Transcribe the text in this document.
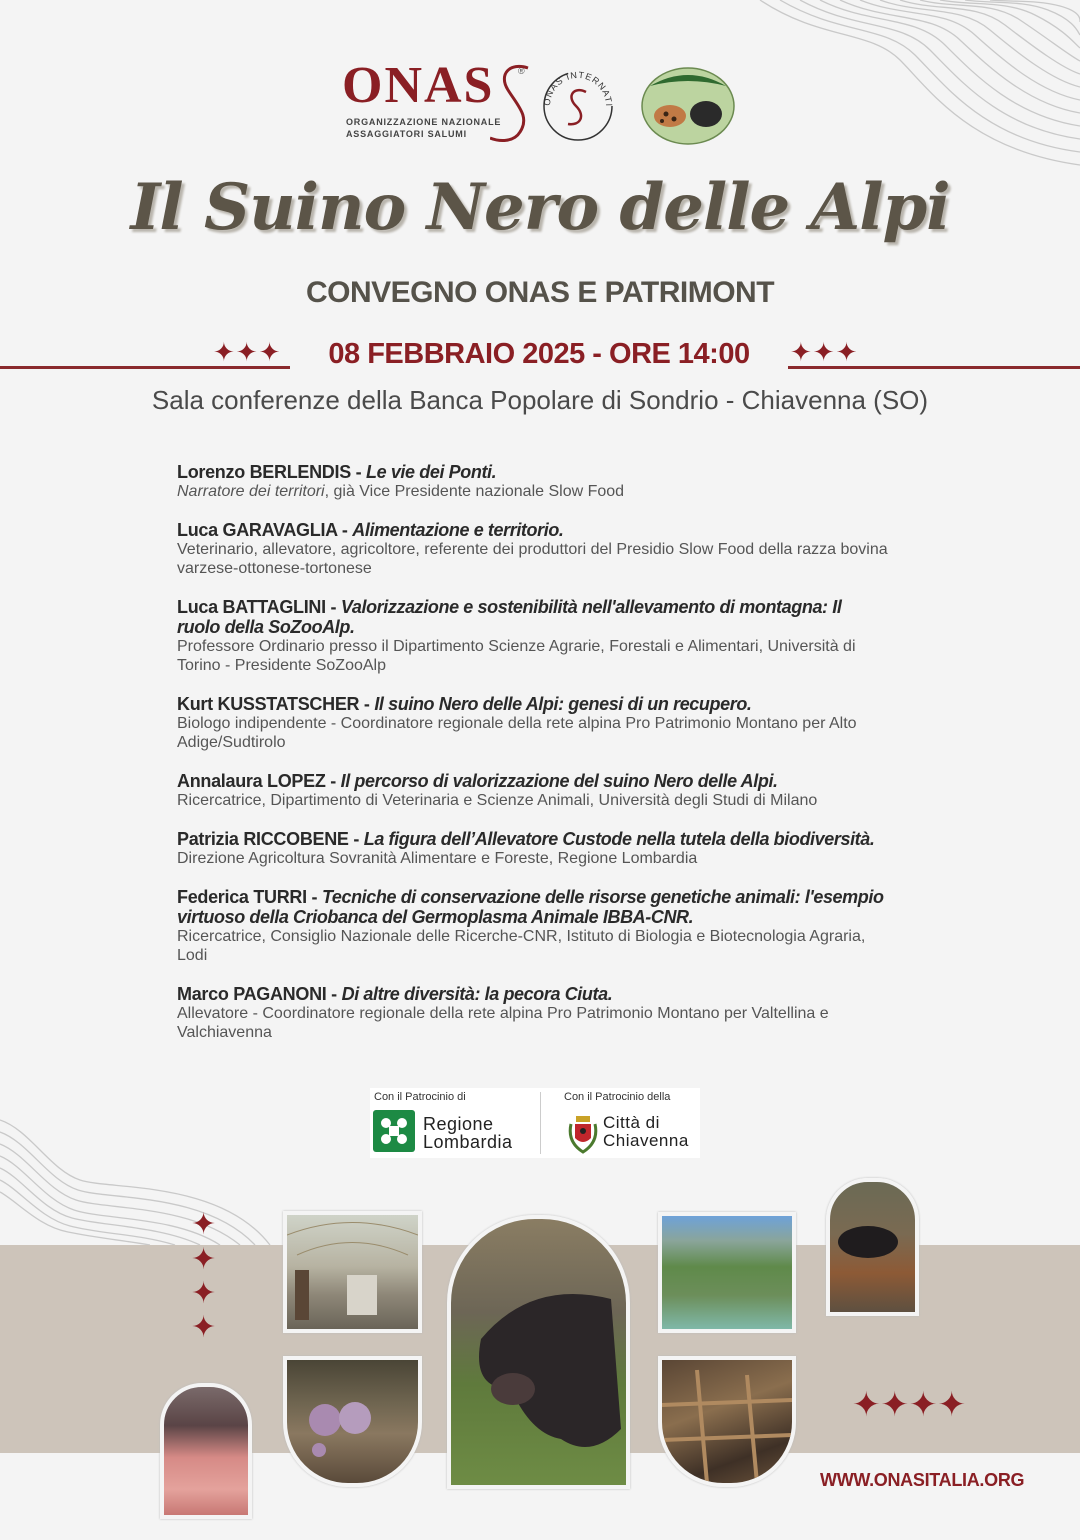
ONAS	®
ORGANIZZAZIONE NAZIONALE
ASSAGGIATORI SALUMI
ONAS INTERNATI
Il Suino Nero delle Alpi
CONVEGNO ONAS E PATRIMONT
✦✦✦	08 FEBBRAIO 2025 - ORE 14:00	✦✦✦
Sala conferenze della Banca Popolare di Sondrio - Chiavenna (SO)
Lorenzo BERLENDIS - Le vie dei Ponti.
Narratore dei territori, già Vice Presidente nazionale Slow Food
Luca GARAVAGLIA - Alimentazione e territorio.
Veterinario, allevatore, agricoltore, referente dei produttori del Presidio Slow Food della razza bovina varzese-ottonese-tortonese
Luca BATTAGLINI - Valorizzazione e sostenibilità nell'allevamento di montagna: Il ruolo della SoZooAlp.
Professore Ordinario presso il Dipartimento Scienze Agrarie, Forestali e Alimentari, Università di Torino - Presidente SoZooAlp
Kurt KUSSTATSCHER - Il suino Nero delle Alpi: genesi di un recupero.
Biologo indipendente - Coordinatore regionale della rete alpina Pro Patrimonio Montano per Alto Adige/Sudtirolo
Annalaura LOPEZ - Il percorso di valorizzazione del suino Nero delle Alpi.
Ricercatrice, Dipartimento di Veterinaria e Scienze Animali, Università degli Studi di Milano
Patrizia RICCOBENE - La figura dell’Allevatore Custode nella tutela della biodiversità.
Direzione Agricoltura Sovranità Alimentare e Foreste, Regione Lombardia
Federica TURRI - Tecniche di conservazione delle risorse genetiche animali: l'esempio virtuoso della Criobanca del Germoplasma Animale IBBA-CNR.
Ricercatrice, Consiglio Nazionale delle Ricerche-CNR, Istituto di Biologia e Biotecnologia Agraria, Lodi
Marco PAGANONI - Di altre diversità: la pecora Ciuta.
Allevatore - Coordinatore regionale della rete alpina Pro Patrimonio Montano per Valtellina e Valchiavenna
Con il Patrocinio di
Regione
Lombardia
Con il Patrocinio della
Città di
Chiavenna
✦
✦
✦
✦
✦✦✦✦
WWW.ONASITALIA.ORG
